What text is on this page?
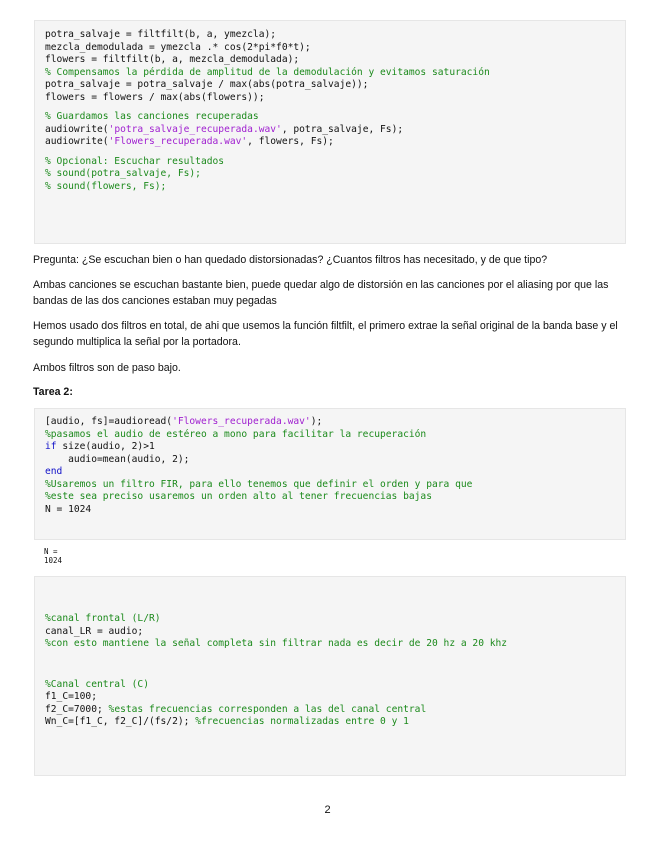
potra_salvaje = filtfilt(b, a, ymezcla);
mezcla_demodulada = ymezcla .* cos(2*pi*f0*t);
flowers = filtfilt(b, a, mezcla_demodulada);
% Compensamos la pérdida de amplitud de la demodulación y evitamos saturación
potra_salvaje = potra_salvaje / max(abs(potra_salvaje));
flowers = flowers / max(abs(flowers));
% Guardamos las canciones recuperadas
audiowrite('potra_salvaje_recuperada.wav', potra_salvaje, Fs);
audiowrite('Flowers_recuperada.wav', flowers, Fs);
% Opcional: Escuchar resultados
% sound(potra_salvaje, Fs);
% sound(flowers, Fs);

Pregunta: ¿Se escuchan bien o han quedado distorsionadas? ¿Cuantos filtros has necesitado, y de que tipo?

Ambas canciones se escuchan bastante bien, puede quedar algo de distorsión en las canciones por el aliasing por que las bandas de las dos canciones estaban muy pegadas

Hemos usado dos filtros en total, de ahi que usemos la función filtfilt, el primero extrae la señal original de la banda base y el segundo multiplica la señal por la portadora.

Ambos filtros son de paso bajo.

Tarea 2:

[audio, fs]=audioread('Flowers_recuperada.wav');
%pasamos el audio de estéreo a mono para facilitar la recuperación
if size(audio, 2)>1
audio=mean(audio, 2);
end
%Usaremos un filtro FIR, para ello tenemos que definir el orden y para que
%este sea preciso usaremos un orden alto al tener frecuencias bajas
N = 1024
N =
1024
%canal frontal (L/R)
canal_LR = audio;
%con esto mantiene la señal completa sin filtrar nada es decir de 20 hz a 20 khz
%Canal central (C)
f1_C=100;
f2_C=7000; %estas frecuencias corresponden a las del canal central
Wn_C=[f1_C, f2_C]/(fs/2); %frecuencias normalizadas entre 0 y 1
2
